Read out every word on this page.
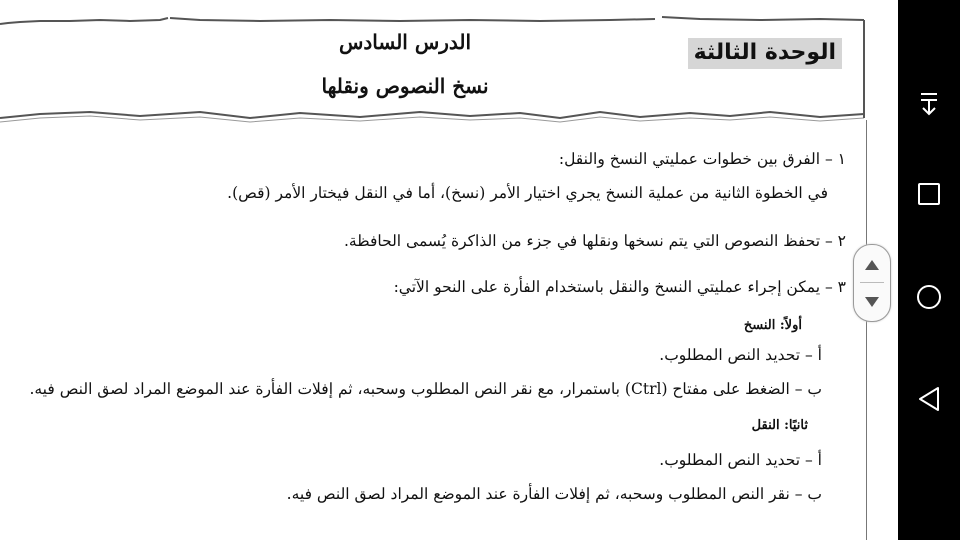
الوحدة الثالثة
الدرس السادس
نسخ النصوص ونقلها
١ – الفرق بين خطوات عمليتي النسخ والنقل:
في الخطوة الثانية من عملية النسخ يجري اختيار الأمر (نسخ)، أما في النقل فيختار الأمر (قص).
٢ – تحفظ النصوص التي يتم نسخها ونقلها في جزء من الذاكرة يُسمى الحافظة.
٣ – يمكن إجراء عمليتي النسخ والنقل باستخدام الفأرة على النحو الآتي:
أولاً: النسخ
أ – تحديد النص المطلوب.
ب – الضغط على مفتاح (Ctrl) باستمرار، مع نقر النص المطلوب وسحبه، ثم إفلات الفأرة عند الموضع المراد لصق النص فيه.
ثانيًا: النقل
أ – تحديد النص المطلوب.
ب – نقر النص المطلوب وسحبه، ثم إفلات الفأرة عند الموضع المراد لصق النص فيه.
